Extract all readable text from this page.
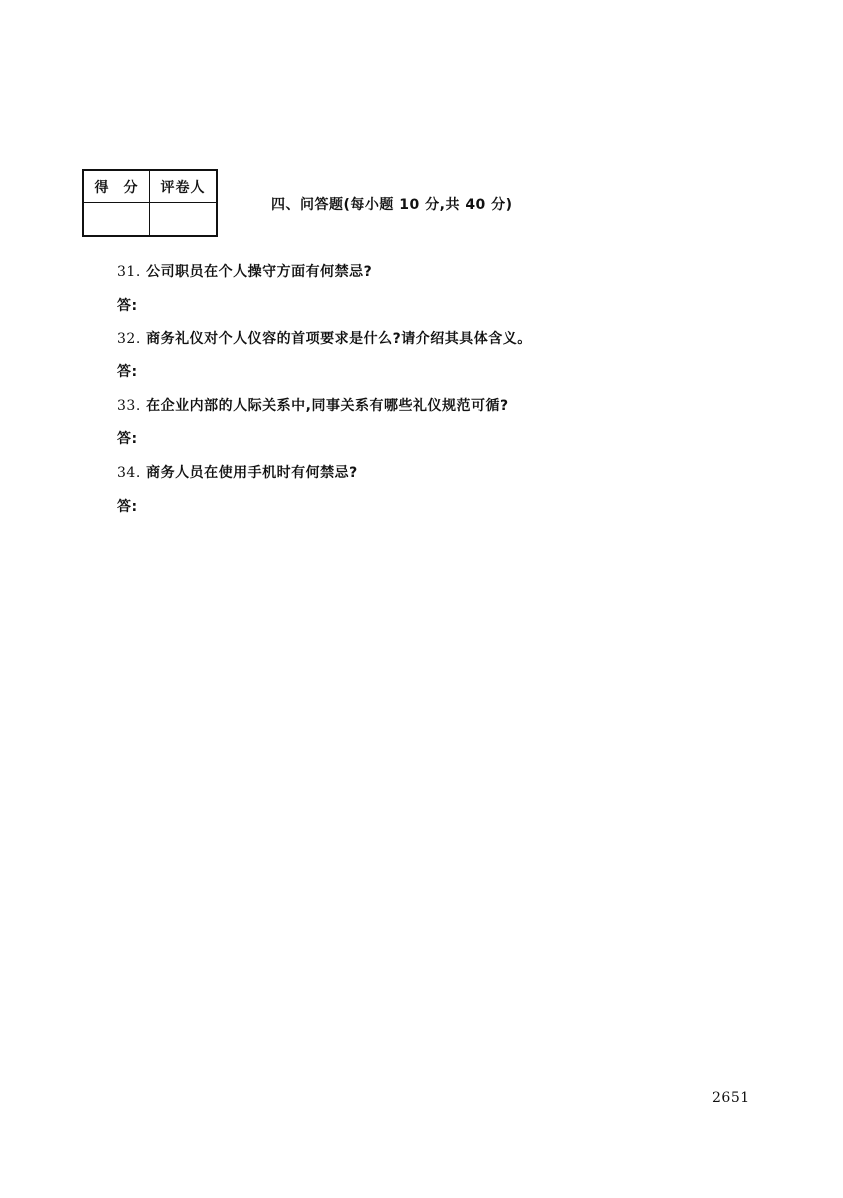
得 分	评卷人
四、问答题(每小题 10 分,共 40 分)
31. 公司职员在个人操守方面有何禁忌?
答:
32. 商务礼仪对个人仪容的首项要求是什么?请介绍其具体含义。
答:
33. 在企业内部的人际关系中,同事关系有哪些礼仪规范可循?
答:
34. 商务人员在使用手机时有何禁忌?
答:
2651
